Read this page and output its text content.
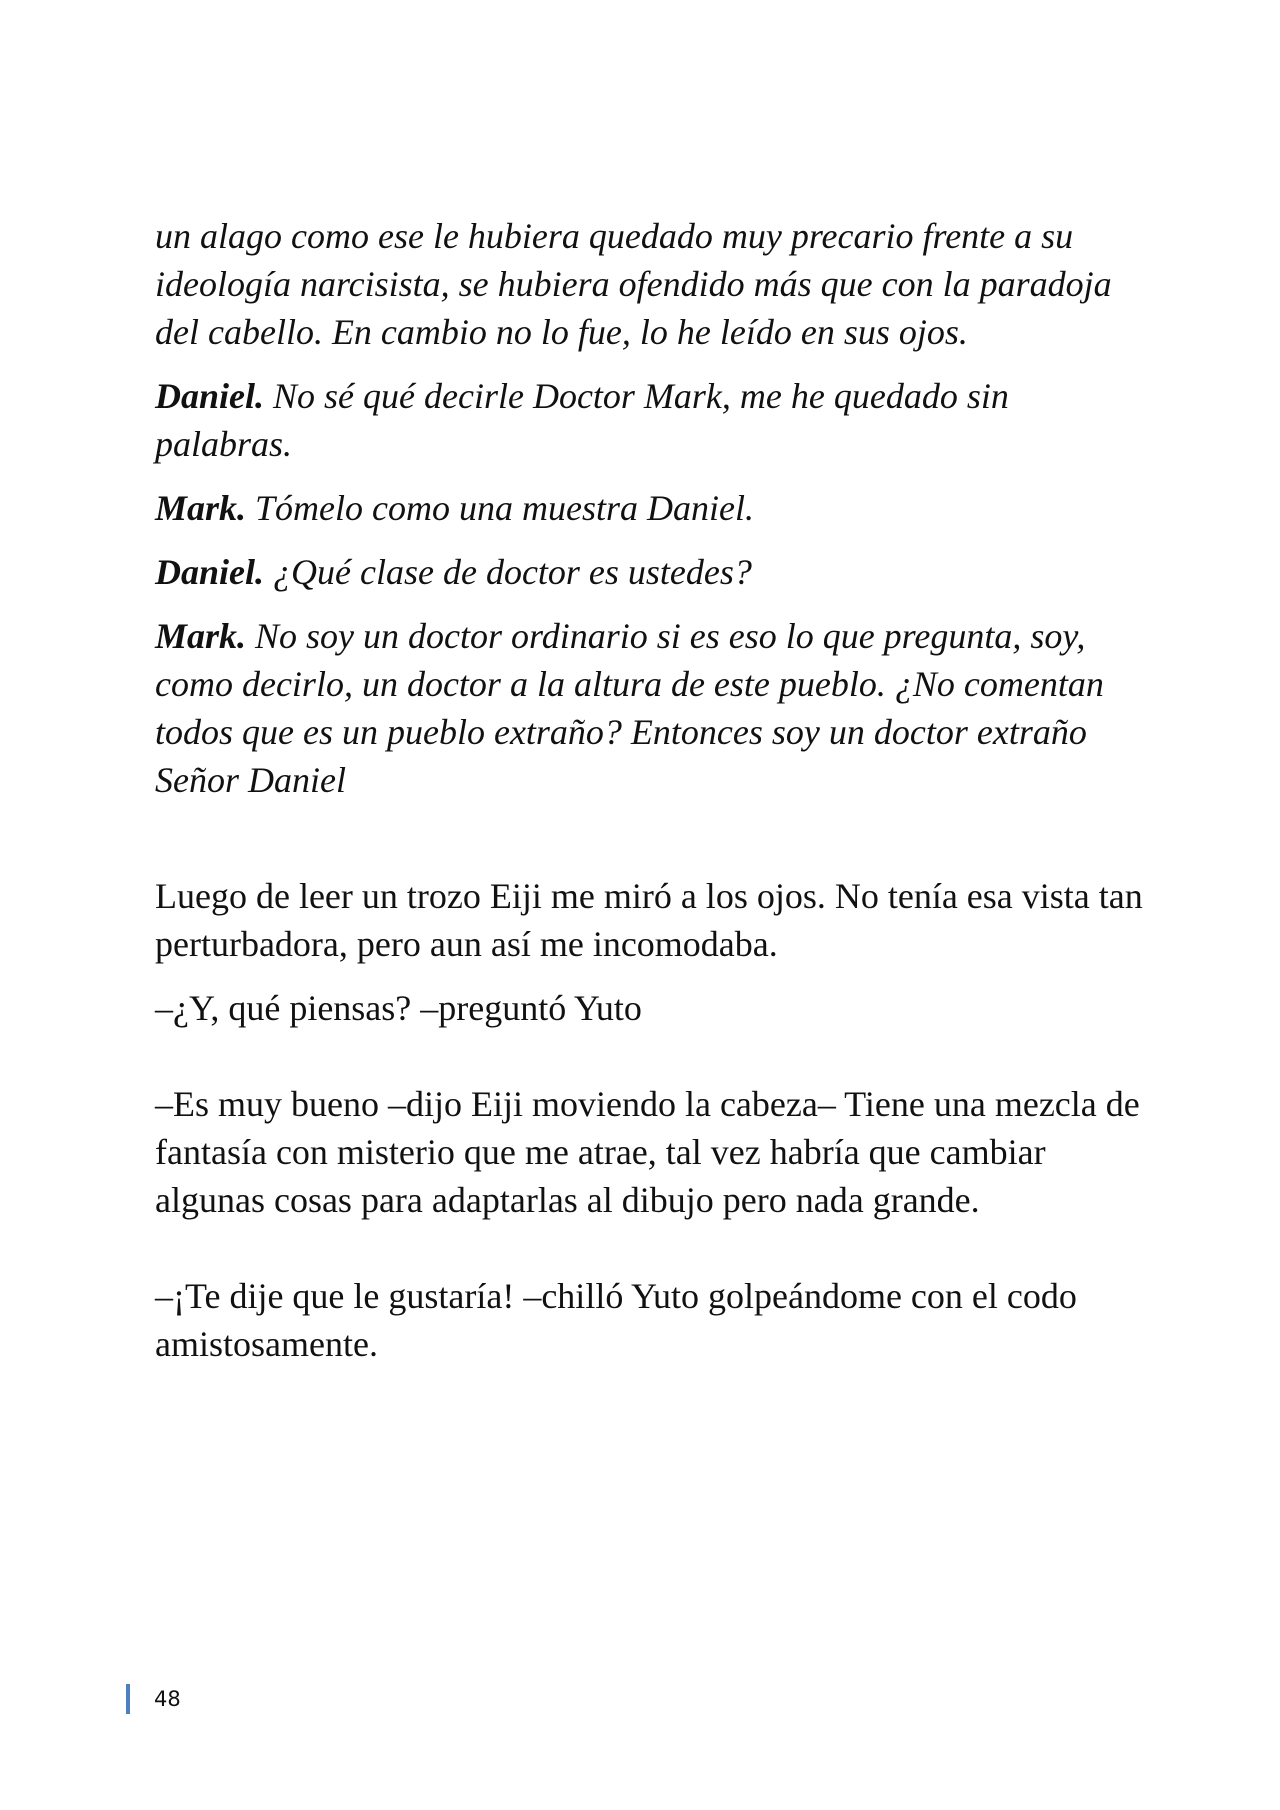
un alago como ese le hubiera quedado muy precario frente a su ideología narcisista, se hubiera ofendido más que con la paradoja del cabello. En cambio no lo fue, lo he leído en sus ojos.

Daniel. No sé qué decirle Doctor Mark, me he quedado sin palabras.

Mark. Tómelo como una muestra Daniel.

Daniel. ¿Qué clase de doctor es ustedes?

Mark. No soy un doctor ordinario si es eso lo que pregunta, soy, como decirlo, un doctor a la altura de este pueblo. ¿No comentan todos que es un pueblo extraño? Entonces soy un doctor extraño Señor Daniel

Luego de leer un trozo Eiji me miró a los ojos. No tenía esa vista tan perturbadora, pero aun así me incomodaba.

–¿Y, qué piensas? –preguntó Yuto

–Es muy bueno –dijo Eiji moviendo la cabeza– Tiene una mezcla de fantasía con misterio que me atrae, tal vez habría que cambiar algunas cosas para adaptarlas al dibujo pero nada grande.

–¡Te dije que le gustaría! –chilló Yuto golpeándome con el codo amistosamente.

48
